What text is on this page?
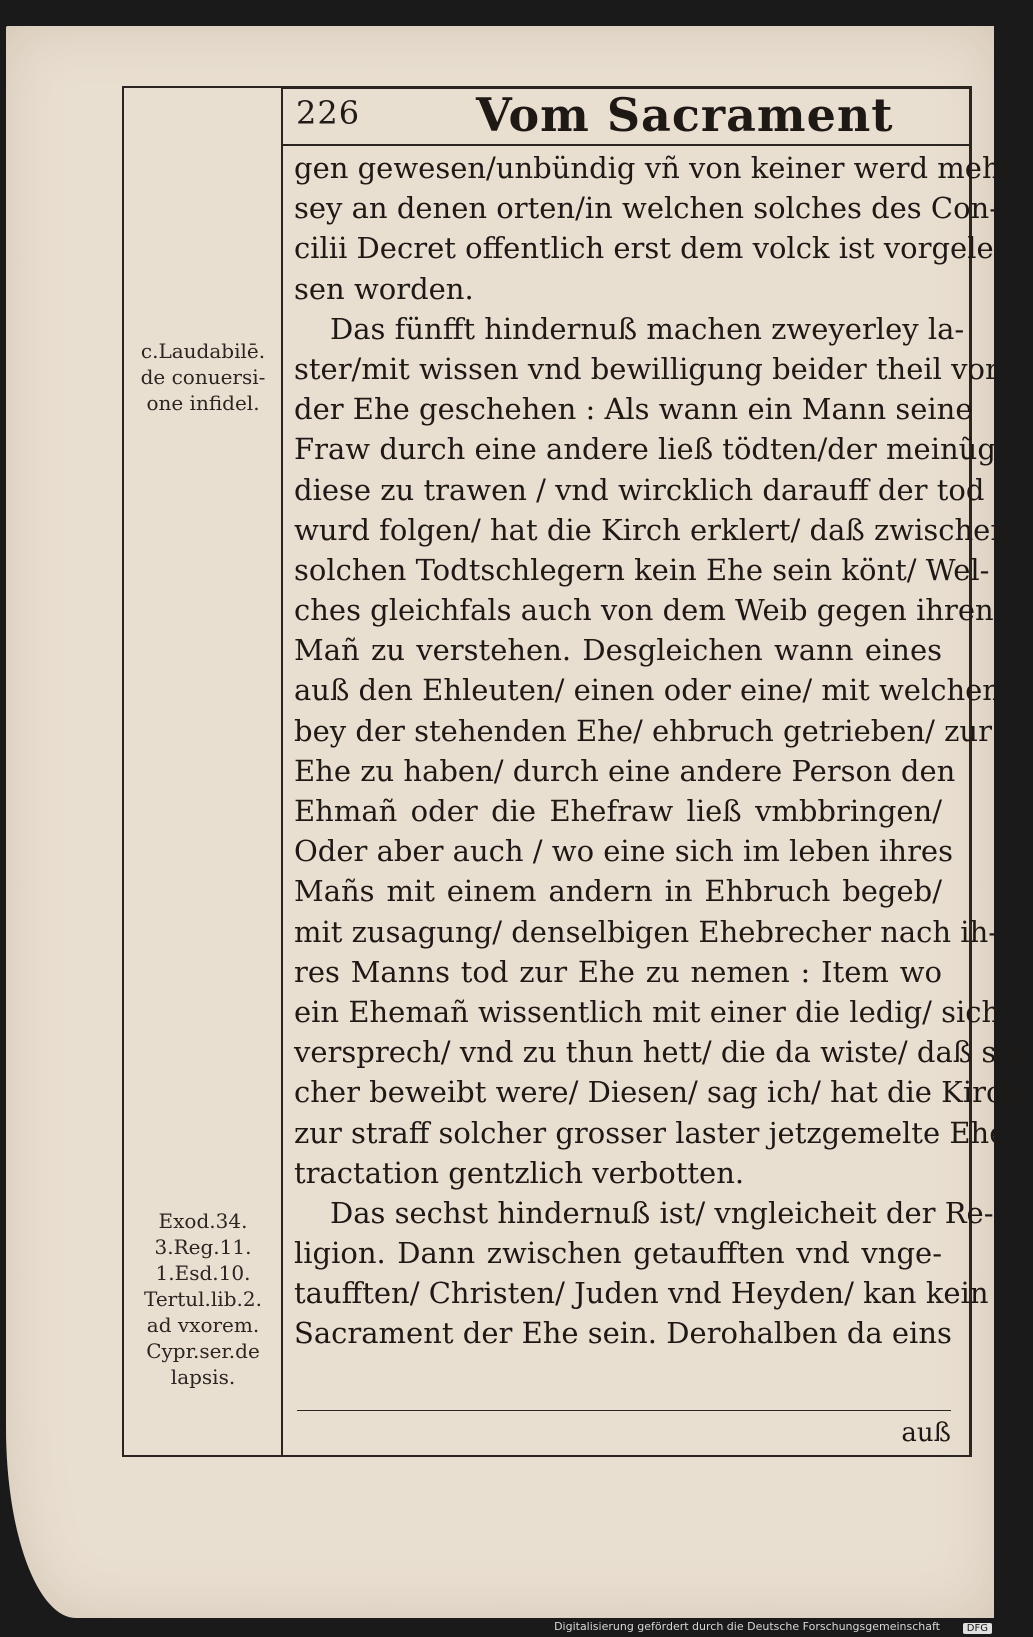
226	Vom Sacrament
c.Laudabilē.
de conuersi-
one infidel.
Exod.34.
3.Reg.11.
1.Esd.10.
Tertul.lib.2.
ad vxorem.
Cypr.ser.de
lapsis.
gen gewesen/unbündig vñ von keiner werd mehr
sey an denen orten/in welchen solches des Con-
cilii Decret offentlich erst dem volck ist vorgele-
sen worden.
Das fünfft hindernuß machen zweyerley la-
ster/mit wissen vnd bewilligung beider theil vor
der Ehe geschehen : Als wann ein Mann seine
Fraw durch eine andere ließ tödten/der meinũg
diese zu trawen / vnd wircklich darauff der tod
wurd folgen/ hat die Kirch erklert/ daß zwischen
solchen Todtschlegern kein Ehe sein könt/ Wel-
ches gleichfals auch von dem Weib gegen ihren
Mañ zu verstehen. Desgleichen wann eines
auß den Ehleuten/ einen oder eine/ mit welchen
bey der stehenden Ehe/ ehbruch getrieben/ zur
Ehe zu haben/ durch eine andere Person den
Ehmañ oder die Ehefraw ließ vmbbringen/
Oder aber auch / wo eine sich im leben ihres
Mañs mit einem andern in Ehbruch begeb/
mit zusagung/ denselbigen Ehebrecher nach ih-
res Manns tod zur Ehe zu nemen : Item wo
ein Ehemañ wissentlich mit einer die ledig/ sich
versprech/ vnd zu thun hett/ die da wiste/ daß sol-
cher beweibt were/ Diesen/ sag ich/ hat die Kirch
zur straff solcher grosser laster jetzgemelte Ehe
tractation gentzlich verbotten.
Das sechst hindernuß ist/ vngleicheit der Re-
ligion. Dann zwischen getaufften vnd vnge-
taufften/ Christen/ Juden vnd Heyden/ kan kein
Sacrament der Ehe sein. Derohalben da eins
auß
Digitalisierung gefördert durch die Deutsche Forschungsgemeinschaft	DFG
